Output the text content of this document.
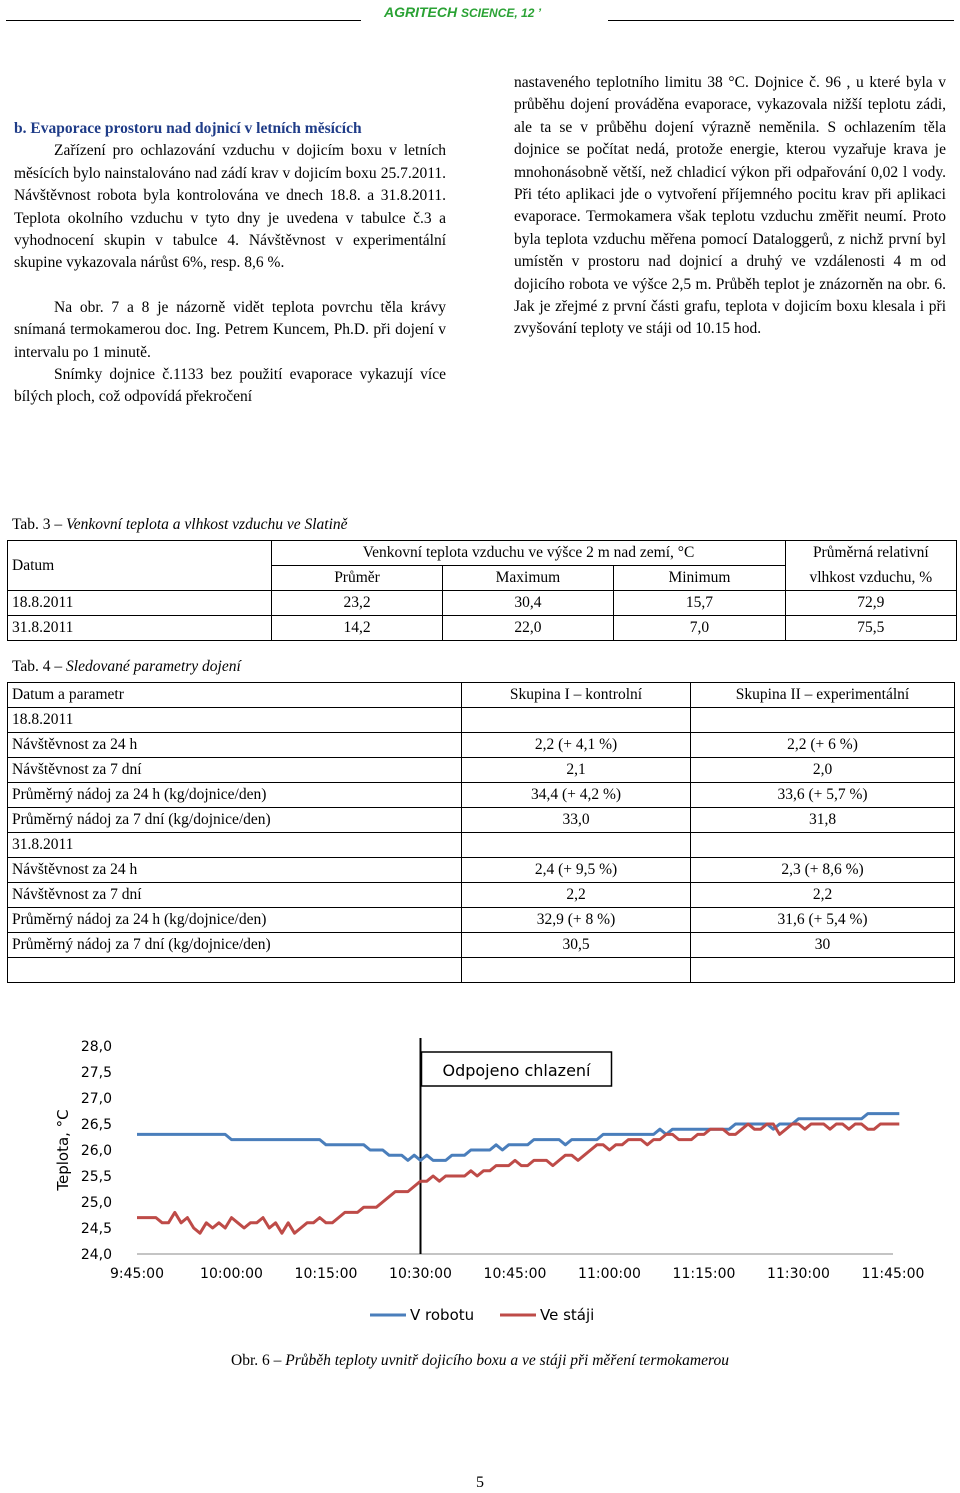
AGRITECH SCIENCE, 12 ’

b. Evaporace prostoru nad dojnicí v letních měsících

Zařízení pro ochlazování vzduchu v dojicím boxu v letních měsících bylo nainstalováno nad zádí krav v dojicím boxu 25.7.2011. Návštěvnost robota byla kontrolována ve dnech 18.8. a 31.8.2011. Teplota okolního vzduchu v tyto dny je uvedena v tabulce č.3 a vyhodnocení skupin v tabulce 4. Návštěvnost v experimentální skupine vykazovala nárůst 6%, resp. 8,6 %.

Na obr. 7 a 8 je názorně vidět teplota povrchu těla krávy snímaná termokamerou doc. Ing. Petrem Kuncem, Ph.D. při dojení v intervalu po 1 minutě.

Snímky dojnice č.1133 bez použití evaporace vykazují více bílých ploch, což odpovídá překročení

nastaveného teplotního limitu 38 °C. Dojnice č. 96 , u které byla v průběhu dojení prováděna evaporace, vykazovala nižší teplotu zádi, ale ta se v průběhu dojení výrazně neměnila. S ochlazením těla dojnice se počítat nedá, protože energie, kterou vyzařuje krava je mnohonásobně větší, než chladicí výkon při odpařování 0,02 l vody. Při této aplikaci jde o vytvoření příjemného pocitu krav při aplikaci evaporace. Termokamera však teplotu vzduchu změřit neumí. Proto byla teplota vzduchu měřena pomocí Dataloggerů, z nichž první byl umístěn v prostoru nad dojnicí a druhý ve vzdálenosti 4 m od dojicího robota ve výšce 2,5 m. Průběh teplot je znázorněn na obr. 6. Jak je zřejmé z první části grafu, teplota v dojicím boxu klesala i při zvyšování teploty ve stáji od 10.15 hod.

Tab. 3 – Venkovní teplota a vlhkost vzduchu ve Slatině
Datum	Venkovní teplota vzduchu ve výšce 2 m nad zemí, °C			Průměrná relativní
	Průměr	Maximum	Minimum	vlhkost vzduchu, %
18.8.2011	23,2	30,4	15,7	72,9
31.8.2011	14,2	22,0	7,0	75,5
Tab. 4 – Sledované parametry dojení
Datum a parametr	Skupina I – kontrolní	Skupina II – experimentální
18.8.2011		
Návštěvnost za 24 h	2,2 (+ 4,1 %)	2,2 (+ 6 %)
Návštěvnost za 7 dní	2,1	2,0
Průměrný nádoj za 24 h (kg/dojnice/den)	34,4 (+ 4,2 %)	33,6 (+ 5,7 %)
Průměrný nádoj za 7 dní (kg/dojnice/den)	33,0	31,8
31.8.2011		
Návštěvnost za 24 h	2,4 (+ 9,5 %)	2,3 (+ 8,6 %)
Návštěvnost za 7 dní	2,2	2,2
Průměrný nádoj za 24 h (kg/dojnice/den)	32,9 (+ 8 %)	31,6 (+ 5,4 %)
Průměrný nádoj za 7 dní (kg/dojnice/den)	30,5	30

28,0
27,5
27,0
26,5
26,0
25,5
25,0
24,5
24,0
9:45:00	10:00:00 10:15:00 10:30:00 10:45:00 11:00:00 11:15:00 11:30:00 11:45:00
Teplota, °C
Odpojeno chlazení
V robotu	Ve stáji
Obr. 6 – Průběh teploty uvnitř dojicího boxu a ve stáji při měření termokamerou
5
